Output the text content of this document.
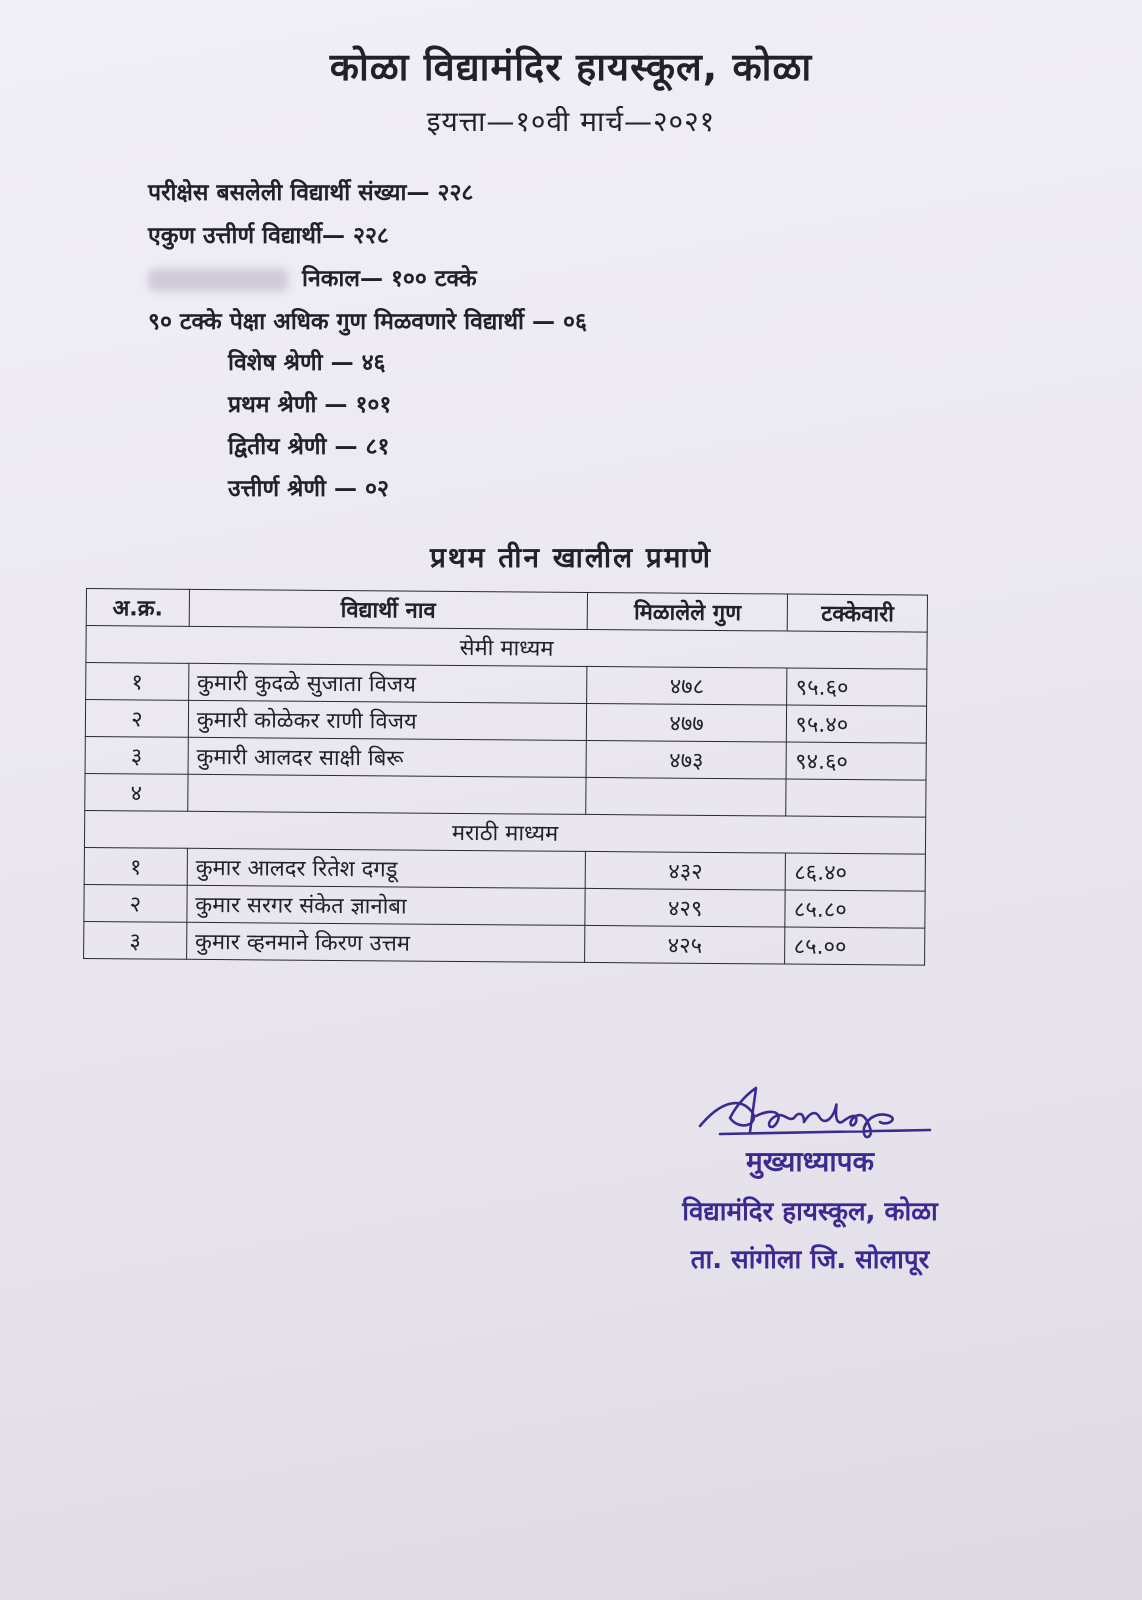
कोळा विद्यामंदिर हायस्कूल, कोळा
इयत्ता—१०वी मार्च—२०२१
परीक्षेस बसलेली विद्यार्थी संख्या— २२८
एकुण उत्तीर्ण विद्यार्थी— २२८
निकाल— १०० टक्के
९० टक्के पेक्षा अधिक गुण मिळवणारे विद्यार्थी — ०६
विशेष श्रेणी — ४६
प्रथम श्रेणी — १०१
द्वितीय श्रेणी — ८१
उत्तीर्ण श्रेणी — ०२
प्रथम तीन खालील प्रमाणे
अ.क्र.	विद्यार्थी नाव	मिळालेले गुण	टक्केवारी
सेमी माध्यम			
१	कुमारी कुदळे सुजाता विजय	४७८	९५.६०
२	कुमारी कोळेकर राणी विजय	४७७	९५.४०
३	कुमारी आलदर साक्षी बिरू	४७३	९४.६०
४			
मराठी माध्यम			
१	कुमार आलदर रितेश दगडू	४३२	८६.४०
२	कुमार सरगर संकेत ज्ञानोबा	४२९	८५.८०
३	कुमार व्हनमाने किरण उत्तम	४२५	८५.००
मुख्याध्यापक
विद्यामंदिर हायस्कूल, कोळा
ता. सांगोला जि. सोलापूर
